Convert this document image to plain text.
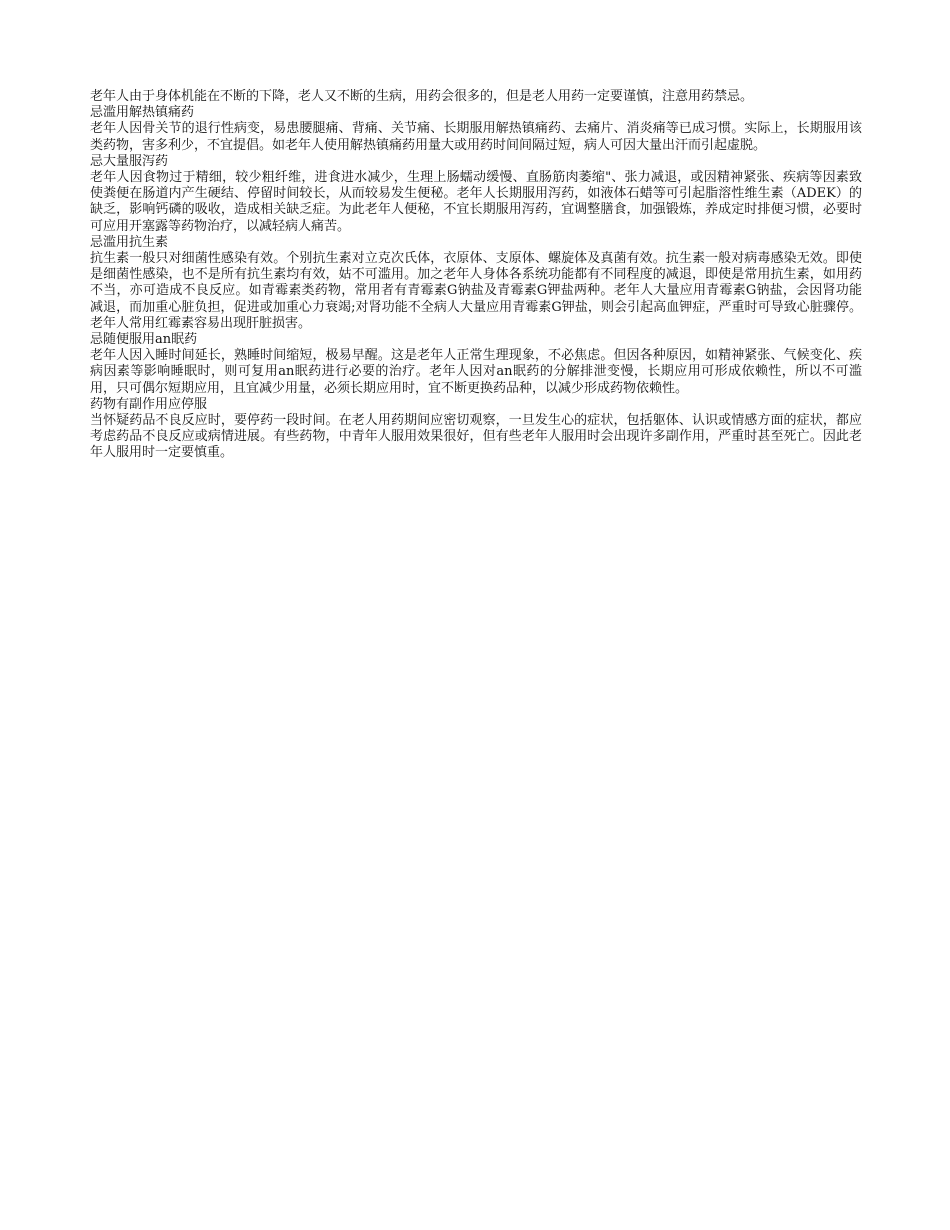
老年人由于身体机能在不断的下降，老人又不断的生病，用药会很多的，但是老人用药一定要谨慎，注意用药禁忌。

忌滥用解热镇痛药

老年人因骨关节的退行性病变，易患腰腿痛、背痛、关节痛、长期服用解热镇痛药、去痛片、消炎痛等已成习惯。实际上，长期服用该类药物，害多利少，不宜提倡。如老年人使用解热镇痛药用量大或用药时间间隔过短，病人可因大量出汗而引起虚脱。

忌大量服泻药

老年人因食物过于精细，较少粗纤维，进食进水减少，生理上肠蠕动缓慢、直肠筋肉萎缩"、张力减退，或因精神紧张、疾病等因素致使粪便在肠道内产生硬结、停留时间较长，从而较易发生便秘。老年人长期服用泻药，如液体石蜡等可引起脂溶性维生素（ADEK）的缺乏，影响钙磷的吸收，造成相关缺乏症。为此老年人便秘，不宜长期服用泻药，宜调整膳食，加强锻炼，养成定时排便习惯，必要时可应用开塞露等药物治疗，以减轻病人痛苦。

忌滥用抗生素

抗生素一般只对细菌性感染有效。个别抗生素对立克次氏体，衣原体、支原体、螺旋体及真菌有效。抗生素一般对病毒感染无效。即使是细菌性感染，也不是所有抗生素均有效，姑不可滥用。加之老年人身体各系统功能都有不同程度的减退，即使是常用抗生素，如用药不当，亦可造成不良反应。如青霉素类药物，常用者有青霉素G钠盐及青霉素G钾盐两种。老年人大量应用青霉素G钠盐，会因肾功能减退，而加重心脏负担，促进或加重心力衰竭;对肾功能不全病人大量应用青霉素G钾盐，则会引起高血钾症，严重时可导致心脏骤停。老年人常用红霉素容易出现肝脏损害。

忌随便服用an眠药

老年人因入睡时间延长，熟睡时间缩短，极易早醒。这是老年人正常生理现象，不必焦虑。但因各种原因，如精神紧张、气候变化、疾病因素等影响睡眠时，则可复用an眠药进行必要的治疗。老年人因对an眠药的分解排泄变慢，长期应用可形成依赖性，所以不可滥用，只可偶尔短期应用，且宜减少用量，必须长期应用时，宜不断更换药品种，以减少形成药物依赖性。

药物有副作用应停服

当怀疑药品不良反应时，要停药一段时间。在老人用药期间应密切观察，一旦发生心的症状，包括躯体、认识或情感方面的症状，都应考虑药品不良反应或病情进展。有些药物，中青年人服用效果很好，但有些老年人服用时会出现许多副作用，严重时甚至死亡。因此老年人服用时一定要慎重。
